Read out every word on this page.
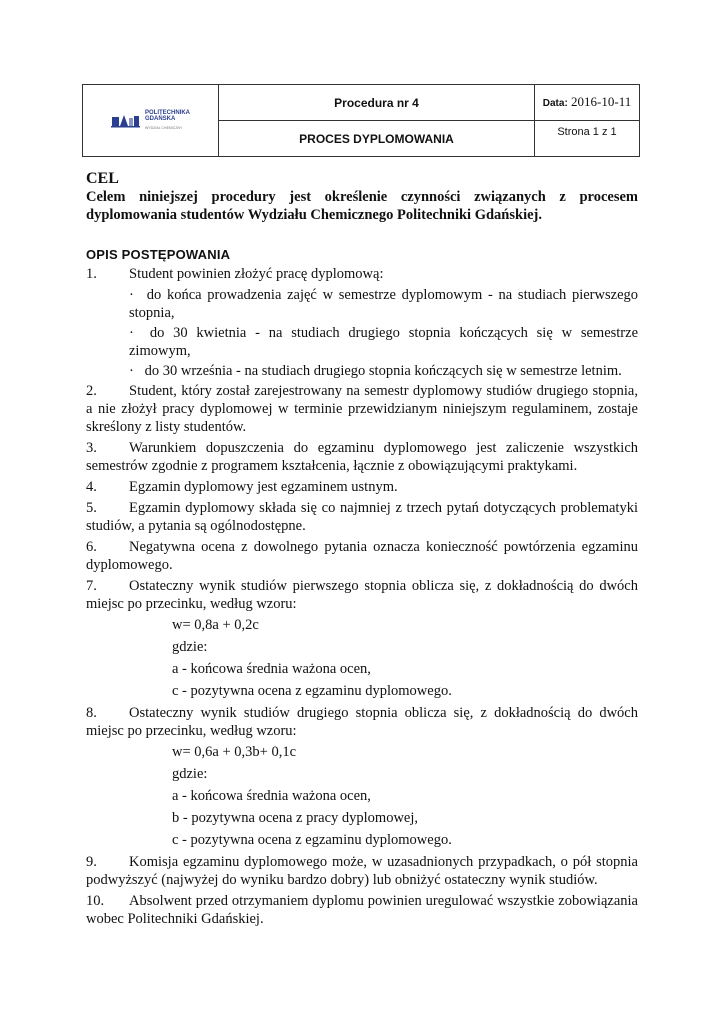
POLITECHNIKA
GDAŃSKA
WYDZIAŁ CHEMICZNY	Procedura nr 4	Data: 2016-10-11
	PROCES DYPLOMOWANIA	Strona 1 z 1
CEL

Celem niniejszej procedury jest określenie czynności związanych z procesem dyplomowania studentów Wydziału Chemicznego Politechniki Gdańskiej.

OPIS POSTĘPOWANIA
1. Student powinien złożyć pracę dyplomową:
· do końca prowadzenia zajęć w semestrze dyplomowym - na studiach pierwszego stopnia,
· do 30 kwietnia - na studiach drugiego stopnia kończących się w semestrze zimowym,
· do 30 września - na studiach drugiego stopnia kończących się w semestrze letnim.
2.	Student, który został zarejestrowany na semestr dyplomowy studiów drugiego stopnia, a nie złożył pracy dyplomowej w terminie przewidzianym niniejszym regulaminem, zostaje skreślony z listy studentów.
3.	Warunkiem dopuszczenia do egzaminu dyplomowego jest zaliczenie wszystkich semestrów zgodnie z programem kształcenia, łącznie z obowiązującymi praktykami.
4.	Egzamin dyplomowy jest egzaminem ustnym.
5.	Egzamin dyplomowy składa się co najmniej z trzech pytań dotyczących problematyki studiów, a pytania są ogólnodostępne.
6.	Negatywna ocena z dowolnego pytania oznacza konieczność powtórzenia egzaminu dyplomowego.
7.	Ostateczny wynik studiów pierwszego stopnia oblicza się, z dokładnością do dwóch miejsc po przecinku, według wzoru:
w= 0,8a + 0,2c
gdzie:
a - końcowa średnia ważona ocen,
c - pozytywna ocena z egzaminu dyplomowego.
8.	Ostateczny wynik studiów drugiego stopnia oblicza się, z dokładnością do dwóch miejsc po przecinku, według wzoru:
w= 0,6a + 0,3b+ 0,1c
gdzie:
a - końcowa średnia ważona ocen,
b - pozytywna ocena z pracy dyplomowej,
c - pozytywna ocena z egzaminu dyplomowego.
9.	Komisja egzaminu dyplomowego może, w uzasadnionych przypadkach, o pół stopnia podwyższyć (najwyżej do wyniku bardzo dobry) lub obniżyć ostateczny wynik studiów.
10.	Absolwent przed otrzymaniem dyplomu powinien uregulować wszystkie zobowiązania wobec Politechniki Gdańskiej.
